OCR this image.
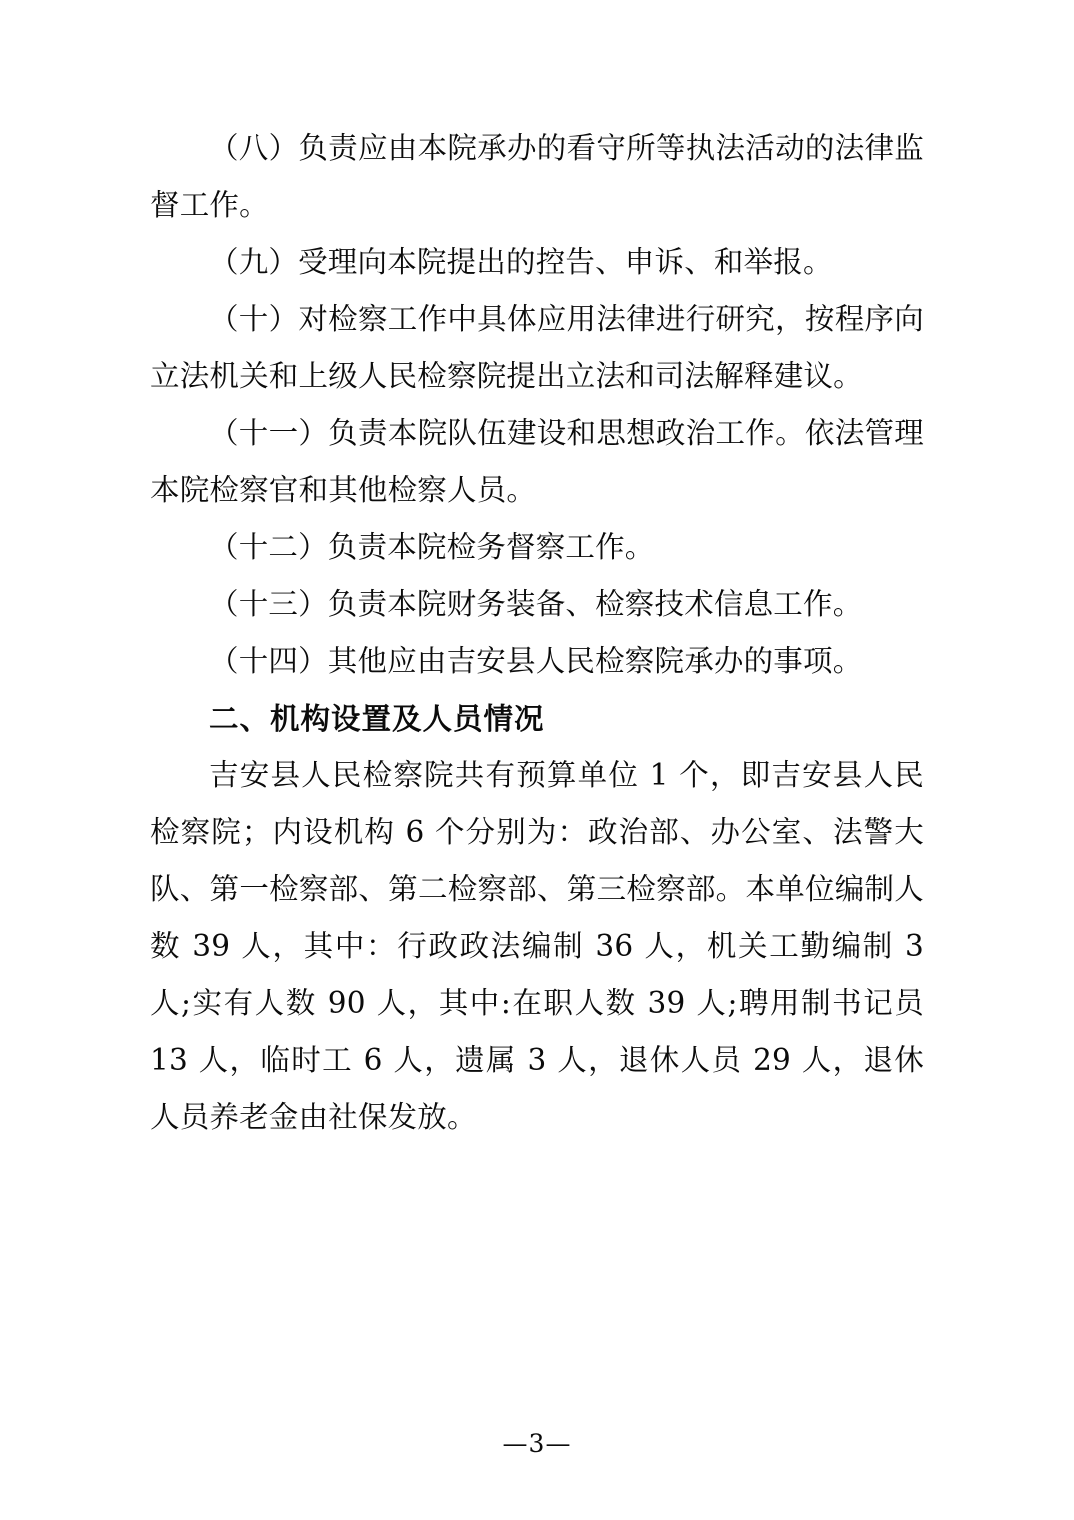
（八）负责应由本院承办的看守所等执法活动的法律监督工作。

（九）受理向本院提出的控告、申诉、和举报。

（十）对检察工作中具体应用法律进行研究，按程序向立法机关和上级人民检察院提出立法和司法解释建议。

（十一）负责本院队伍建设和思想政治工作。依法管理本院检察官和其他检察人员。

（十二）负责本院检务督察工作。

（十三）负责本院财务装备、检察技术信息工作。

（十四）其他应由吉安县人民检察院承办的事项。

二、机构设置及人员情况

吉安县人民检察院共有预算单位 1 个，即吉安县人民检察院；内设机构 6 个分别为：政治部、办公室、法警大队、第一检察部、第二检察部、第三检察部。本单位编制人数 39 人，其中：行政政法编制 36 人，机关工勤编制 3 人;实有人数 90 人，其中:在职人数 39 人;聘用制书记员 13 人，临时工 6 人，遗属 3 人，退休人员 29 人，退休人员养老金由社保发放。

—3—
